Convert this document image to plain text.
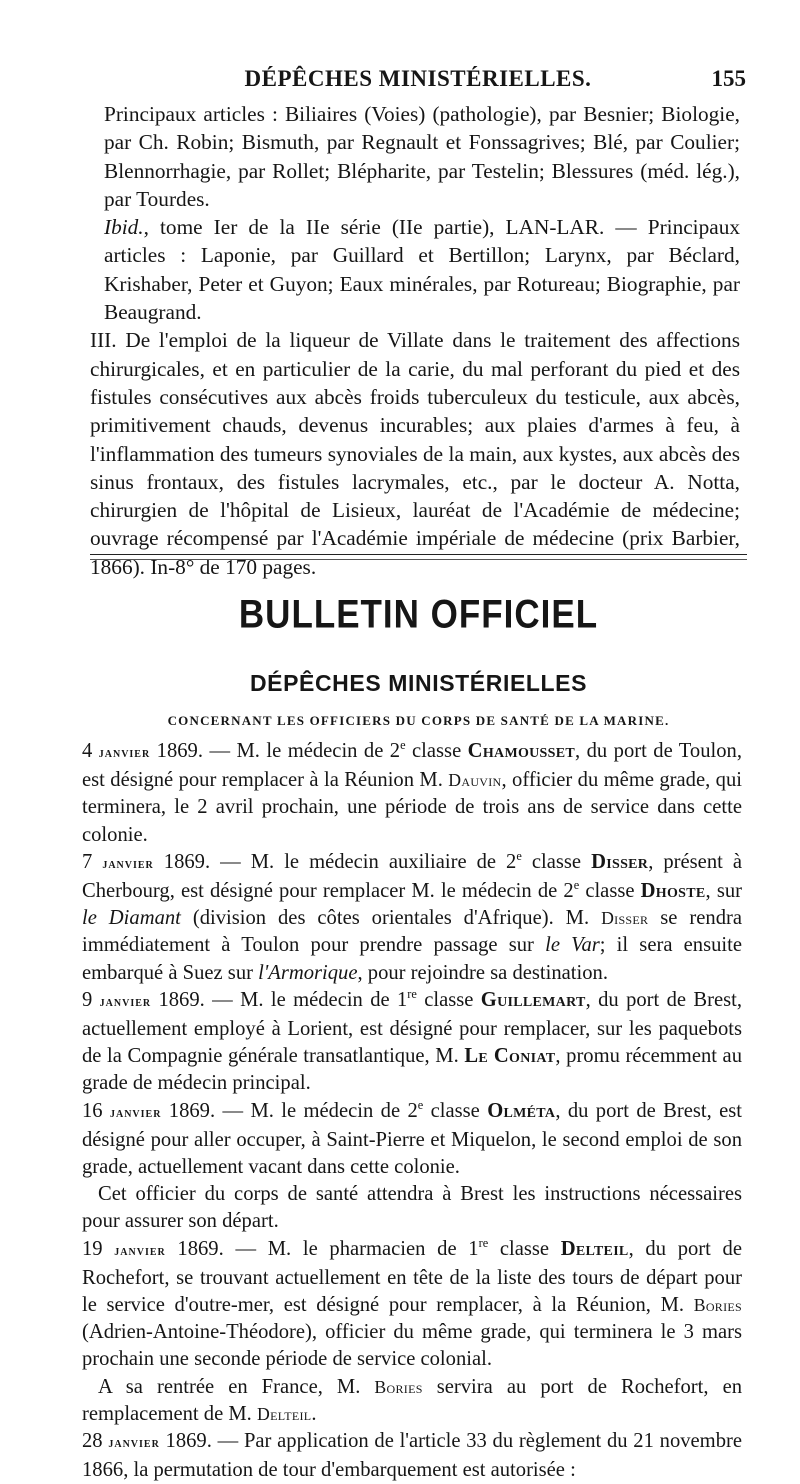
DÉPÊCHES MINISTÉRIELLES.	155

Principaux articles : Biliaires (Voies) (pathologie), par Besnier; Biologie, par Ch. Robin; Bismuth, par Regnault et Fonssagrives; Blé, par Coulier; Blennorrhagie, par Rollet; Blépharite, par Testelin; Blessures (méd. lég.), par Tourdes.

Ibid., tome Ier de la IIe série (IIe partie), LAN-LAR. — Principaux articles : Laponie, par Guillard et Bertillon; Larynx, par Béclard, Krishaber, Peter et Guyon; Eaux minérales, par Rotureau; Biographie, par Beaugrand.

III. De l'emploi de la liqueur de Villate dans le traitement des affections chirurgicales, et en particulier de la carie, du mal perforant du pied et des fistules consécutives aux abcès froids tuberculeux du testicule, aux abcès, primitivement chauds, devenus incurables; aux plaies d'armes à feu, à l'inflammation des tumeurs synoviales de la main, aux kystes, aux abcès des sinus frontaux, des fistules lacrymales, etc., par le docteur A. Notta, chirurgien de l'hôpital de Lisieux, lauréat de l'Académie de médecine; ouvrage récompensé par l'Académie impériale de médecine (prix Barbier, 1866). In-8° de 170 pages.

BULLETIN OFFICIEL
DÉPÊCHES MINISTÉRIELLES
CONCERNANT LES OFFICIERS DU CORPS DE SANTÉ DE LA MARINE.

4 janvier 1869. — M. le médecin de 2e classe Chamousset, du port de Toulon, est désigné pour remplacer à la Réunion M. Dauvin, officier du même grade, qui terminera, le 2 avril prochain, une période de trois ans de service dans cette colonie.

7 janvier 1869. — M. le médecin auxiliaire de 2e classe Disser, présent à Cherbourg, est désigné pour remplacer M. le médecin de 2e classe Dhoste, sur le Diamant (division des côtes orientales d'Afrique). M. Disser se rendra immédiatement à Toulon pour prendre passage sur le Var; il sera ensuite embarqué à Suez sur l'Armorique, pour rejoindre sa destination.

9 janvier 1869. — M. le médecin de 1re classe Guillemart, du port de Brest, actuellement employé à Lorient, est désigné pour remplacer, sur les paquebots de la Compagnie générale transatlantique, M. Le Coniat, promu récemment au grade de médecin principal.

16 janvier 1869. — M. le médecin de 2e classe Olméta, du port de Brest, est désigné pour aller occuper, à Saint-Pierre et Miquelon, le second emploi de son grade, actuellement vacant dans cette colonie.

Cet officier du corps de santé attendra à Brest les instructions nécessaires pour assurer son départ.

19 janvier 1869. — M. le pharmacien de 1re classe Delteil, du port de Rochefort, se trouvant actuellement en tête de la liste des tours de départ pour le service d'outre-mer, est désigné pour remplacer, à la Réunion, M. Bories (Adrien-Antoine-Théodore), officier du même grade, qui terminera le 3 mars prochain une seconde période de service colonial.

A sa rentrée en France, M. Bories servira au port de Rochefort, en remplacement de M. Delteil.

28 janvier 1869. — Par application de l'article 33 du règlement du 21 novembre 1866, la permutation de tour d'embarquement est autorisée :
